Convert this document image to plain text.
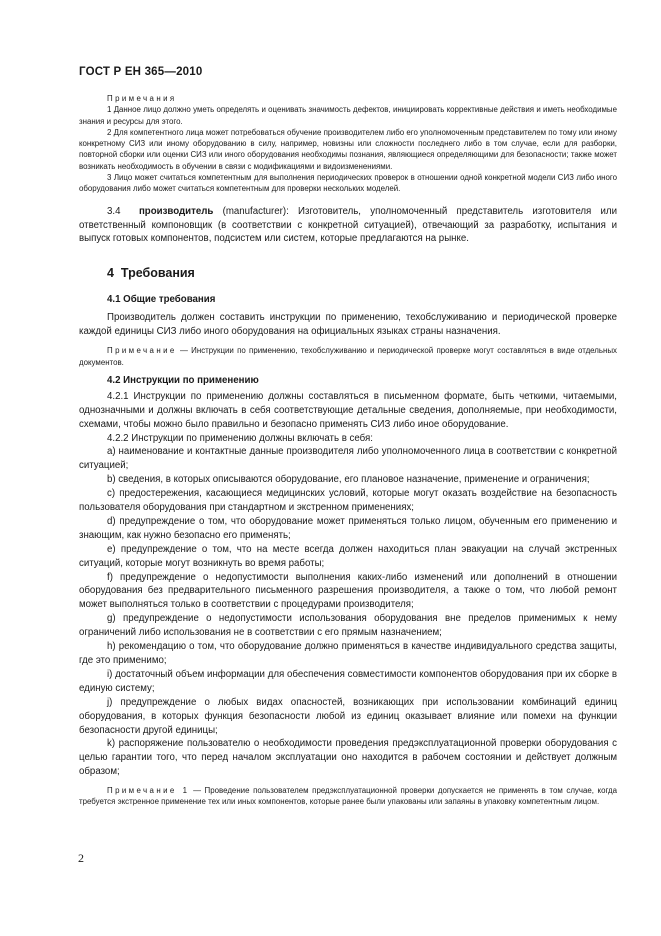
ГОСТ Р ЕН 365—2010

Примечания

1 Данное лицо должно уметь определять и оценивать значимость дефектов, инициировать коррективные действия и иметь необходимые знания и ресурсы для этого.

2 Для компетентного лица может потребоваться обучение производителем либо его уполномоченным представителем по тому или иному конкретному СИЗ или иному оборудованию в силу, например, новизны или сложности последнего либо в том случае, если для разборки, повторной сборки или оценки СИЗ или иного оборудования необходимы познания, являющиеся определяющими для безопасности; также может возникать необходимость в обучении в связи с модификациями и видоизменениями.

3 Лицо может считаться компетентным для выполнения периодических проверок в отношении одной конкретной модели СИЗ либо иного оборудования либо может считаться компетентным для проверки нескольких моделей.

3.4 производитель (manufacturer): Изготовитель, уполномоченный представитель изготовителя или ответственный компоновщик (в соответствии с конкретной ситуацией), отвечающий за разработку, испытания и выпуск готовых компонентов, подсистем или систем, которые предлагаются на рынке.

4 Требования

4.1 Общие требования

Производитель должен составить инструкции по применению, техобслуживанию и периодической проверке каждой единицы СИЗ либо иного оборудования на официальных языках страны назначения.

Примечание — Инструкции по применению, техобслуживанию и периодической проверке могут составляться в виде отдельных документов.

4.2 Инструкции по применению

4.2.1 Инструкции по применению должны составляться в письменном формате, быть четкими, читаемыми, однозначными и должны включать в себя соответствующие детальные сведения, дополняемые, при необходимости, схемами, чтобы можно было правильно и безопасно применять СИЗ либо иное оборудование.

4.2.2 Инструкции по применению должны включать в себя:

a) наименование и контактные данные производителя либо уполномоченного лица в соответствии с конкретной ситуацией;

b) сведения, в которых описываются оборудование, его плановое назначение, применение и ограничения;

c) предостережения, касающиеся медицинских условий, которые могут оказать воздействие на безопасность пользователя оборудования при стандартном и экстренном применениях;

d) предупреждение о том, что оборудование может применяться только лицом, обученным его применению и знающим, как нужно безопасно его применять;

e) предупреждение о том, что на месте всегда должен находиться план эвакуации на случай экстренных ситуаций, которые могут возникнуть во время работы;

f) предупреждение о недопустимости выполнения каких-либо изменений или дополнений в отношении оборудования без предварительного письменного разрешения производителя, а также о том, что любой ремонт может выполняться только в соответствии с процедурами производителя;

g) предупреждение о недопустимости использования оборудования вне пределов применимых к нему ограничений либо использования не в соответствии с его прямым назначением;

h) рекомендацию о том, что оборудование должно применяться в качестве индивидуального средства защиты, где это применимо;

i) достаточный объем информации для обеспечения совместимости компонентов оборудования при их сборке в единую систему;

j) предупреждение о любых видах опасностей, возникающих при использовании комбинаций единиц оборудования, в которых функция безопасности любой из единиц оказывает влияние или помехи на функции безопасности другой единицы;

k) распоряжение пользователю о необходимости проведения предэксплуатационной проверки оборудования с целью гарантии того, что перед началом эксплуатации оно находится в рабочем состоянии и действует должным образом;

Примечание 1 — Проведение пользователем предэксплуатационной проверки допускается не применять в том случае, когда требуется экстренное применение тех или иных компонентов, которые ранее были упакованы или запаяны в упаковку компетентным лицом.

2
